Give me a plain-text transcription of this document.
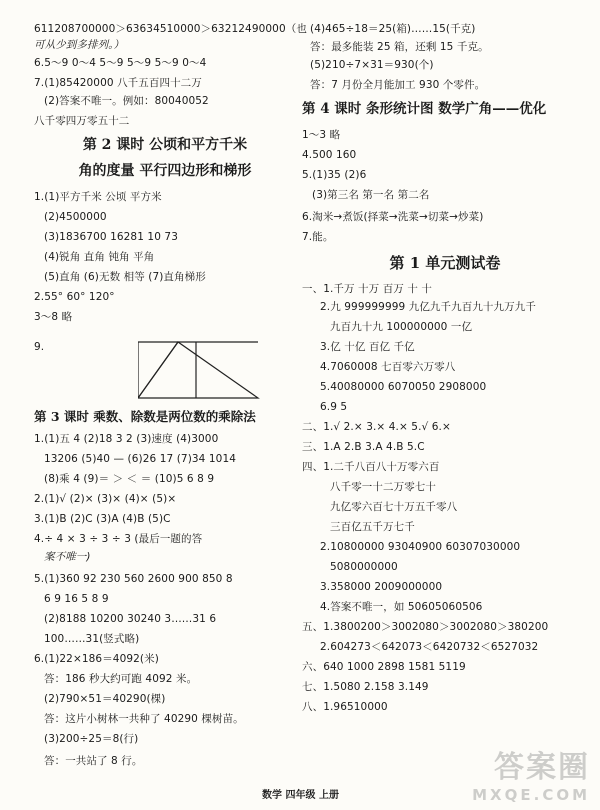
611208700000＞63634510000＞63212490000（也
可从少到多排列。）
6.5～9 0～4 5～9 5～9 5～9 0～4
7.(1)85420000 八千五百四十二万
(2)答案不唯一。例如：80040052
八千零四万零五十二
第 2 课时 公顷和平方千米
角的度量 平行四边形和梯形
1.(1)平方千米 公顷 平方米
(2)4500000
(3)1836700 16281 10 73
(4)锐角 直角 钝角 平角
(5)直角 (6)无数 相等 (7)直角梯形
2.55° 60° 120°
3～8 略
9.
第 3 课时 乘数、除数是两位数的乘除法
1.(1)五 4 (2)18 3 2 (3)速度 (4)3000
13206 (5)40 — (6)26 17 (7)34 1014
(8)乘 4 (9)＝ ＞ ＜ ＝ (10)5 6 8 9
2.(1)√ (2)× (3)× (4)× (5)×
3.(1)B (2)C (3)A (4)B (5)C
4.÷ 4 × 3 ÷ 3 ÷ 3 (最后一题的答
案不唯一)
5.(1)360 92 230 560 2600 900 850 8
6 9 16 5 8 9
(2)8188 10200 30240 3……31 6
100……31(竖式略)
6.(1)22×186＝4092(米)
答：186 秒大约可跑 4092 米。
(2)790×51＝40290(棵)
答：这片小树林一共种了 40290 棵树苗。
(3)200÷25＝8(行)
答：一共站了 8 行。
(4)465÷18＝25(箱)……15(千克)
答：最多能装 25 箱，还剩 15 千克。
(5)210÷7×31＝930(个)
答：7 月份全月能加工 930 个零件。
第 4 课时 条形统计图 数学广角——优化
1～3 略
4.500 160
5.(1)35 (2)6
(3)第三名 第一名 第二名
6.淘米→煮饭(择菜→洗菜→切菜→炒菜)
7.能。
第 1 单元测试卷
一、1.千万 十万 百万 十 十
2.九 999999999 九亿九千九百九十九万九千
九百九十九 100000000 一亿
3.亿 十亿 百亿 千亿
4.7060008 七百零六万零八
5.40080000 6070050 2908000
6.9 5
二、1.√ 2.× 3.× 4.× 5.√ 6.×
三、1.A 2.B 3.A 4.B 5.C
四、1.二千八百八十万零六百
八千零一十二万零七十
九亿零六百七十万五千零八
三百亿五千万七千
2.10800000 93040900 60307030000
5080000000
3.358000 2009000000
4.答案不唯一，如 50605060506
五、1.3800200＞3002080＞3002080＞380200
2.604273＜642073＜6420732＜6527032
六、640 1000 2898 1581 5119
七、1.5080 2.158 3.149
八、1.96510000
数学 四年级 上册
答案圈
MXQE.COM
